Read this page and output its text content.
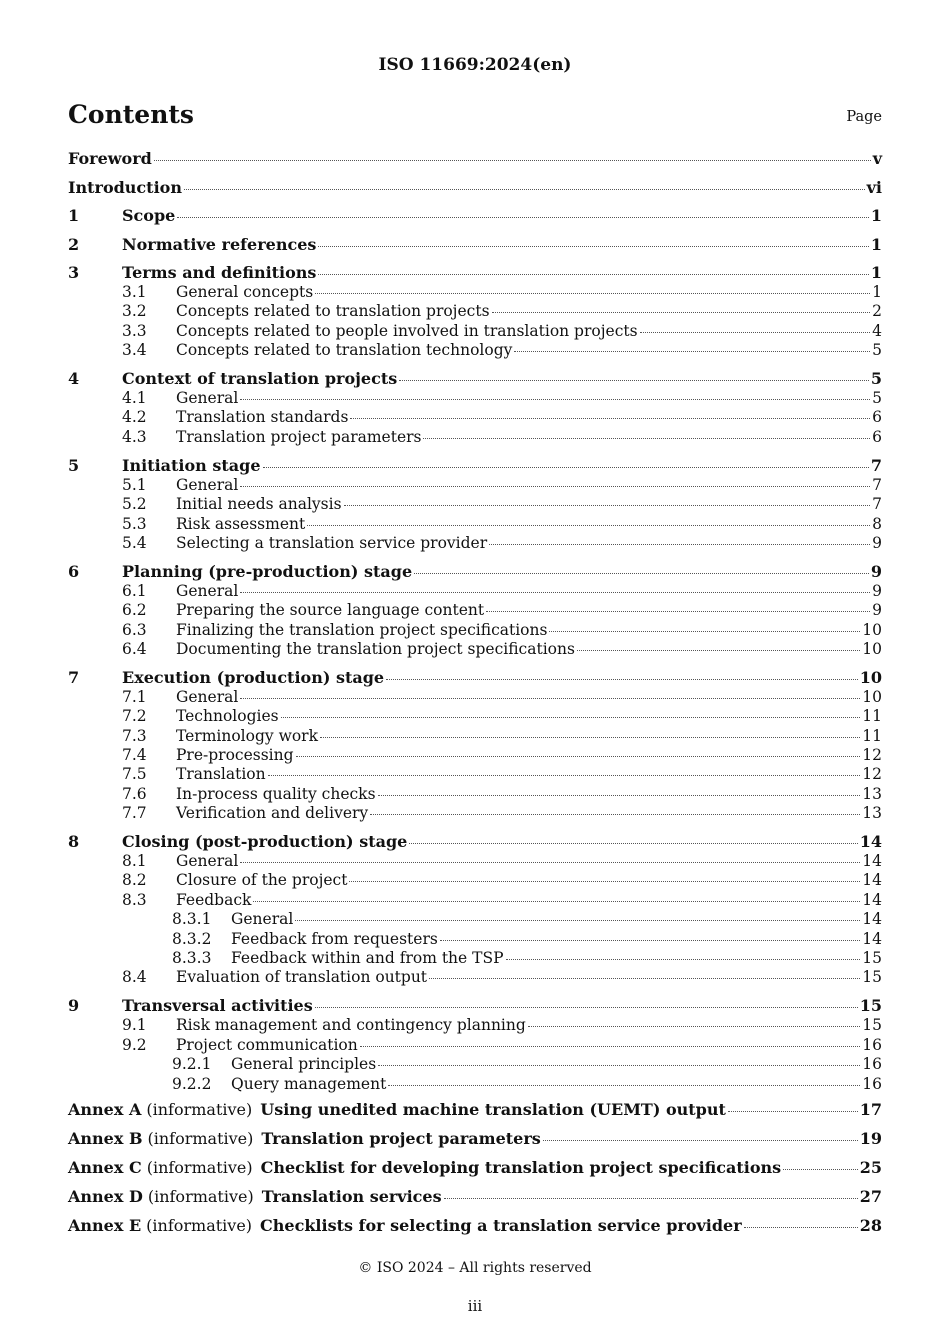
ISO 11669:2024(en)
Contents	Page
Foreword	v
Introduction	vi
1	Scope	1
2	Normative references	1
3	Terms and definitions	1
3.1	General concepts	1
3.2	Concepts related to translation projects	2
3.3	Concepts related to people involved in translation projects	4
3.4	Concepts related to translation technology	5
4	Context of translation projects	5
4.1	General	5
4.2	Translation standards	6
4.3	Translation project parameters	6
5	Initiation stage	7
5.1	General	7
5.2	Initial needs analysis	7
5.3	Risk assessment	8
5.4	Selecting a translation service provider	9
6	Planning (pre-production) stage	9
6.1	General	9
6.2	Preparing the source language content	9
6.3	Finalizing the translation project specifications	10
6.4	Documenting the translation project specifications	10
7	Execution (production) stage	10
7.1	General	10
7.2	Technologies	11
7.3	Terminology work	11
7.4	Pre-processing	12
7.5	Translation	12
7.6	In-process quality checks	13
7.7	Verification and delivery	13
8	Closing (post-production) stage	14
8.1	General	14
8.2	Closure of the project	14
8.3	Feedback	14
8.3.1	General	14
8.3.2	Feedback from requesters	14
8.3.3	Feedback within and from the TSP	15
8.4	Evaluation of translation output	15
9	Transversal activities	15
9.1	Risk management and contingency planning	15
9.2	Project communication	16
9.2.1	General principles	16
9.2.2	Query management	16
Annex A (informative) Using unedited machine translation (UEMT) output	17
Annex B (informative) Translation project parameters	19
Annex C (informative) Checklist for developing translation project specifications	25
Annex D (informative) Translation services	27
Annex E (informative) Checklists for selecting a translation service provider	28
© ISO 2024 – All rights reserved
iii
